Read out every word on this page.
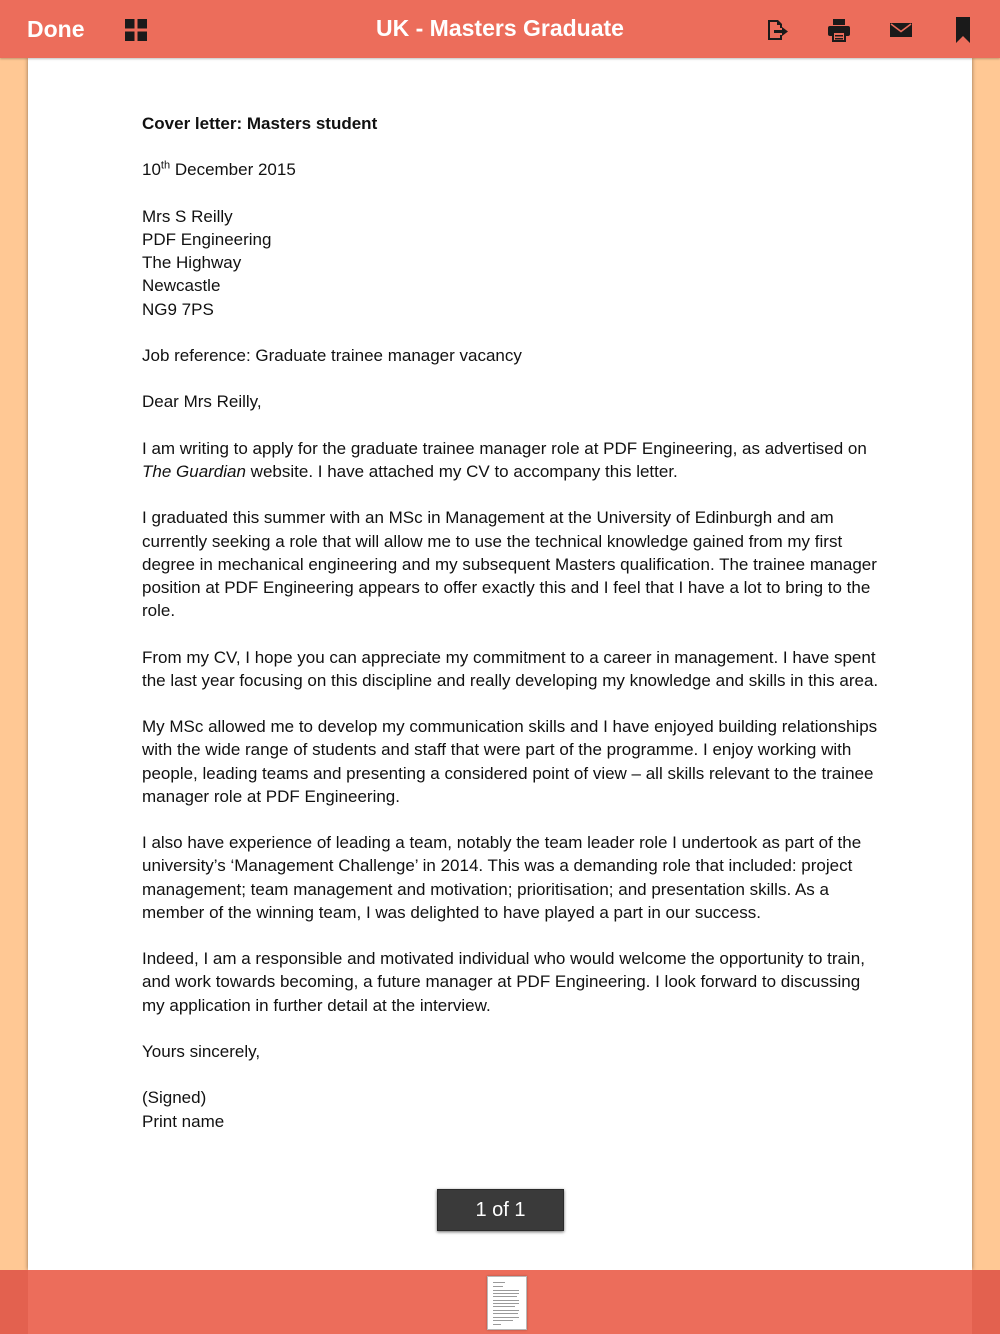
Done	UK - Masters Graduate

Cover letter: Masters student

10th December 2015

Mrs S Reilly

PDF Engineering

The Highway

Newcastle

NG9 7PS

Job reference: Graduate trainee manager vacancy

Dear Mrs Reilly,

I am writing to apply for the graduate trainee manager role at PDF Engineering, as advertised on The Guardian website. I have attached my CV to accompany this letter.

I graduated this summer with an MSc in Management at the University of Edinburgh and am currently seeking a role that will allow me to use the technical knowledge gained from my first degree in mechanical engineering and my subsequent Masters qualification. The trainee manager position at PDF Engineering appears to offer exactly this and I feel that I have a lot to bring to the role.

From my CV, I hope you can appreciate my commitment to a career in management. I have spent the last year focusing on this discipline and really developing my knowledge and skills in this area.

My MSc allowed me to develop my communication skills and I have enjoyed building relationships with the wide range of students and staff that were part of the programme. I enjoy working with people, leading teams and presenting a considered point of view – all skills relevant to the trainee manager role at PDF Engineering.

I also have experience of leading a team, notably the team leader role I undertook as part of the university’s ‘Management Challenge’ in 2014. This was a demanding role that included: project management; team management and motivation; prioritisation; and presentation skills. As a member of the winning team, I was delighted to have played a part in our success.

Indeed, I am a responsible and motivated individual who would welcome the opportunity to train, and work towards becoming, a future manager at PDF Engineering. I look forward to discussing my application in further detail at the interview.

Yours sincerely,

(Signed)

Print name

1 of 1
